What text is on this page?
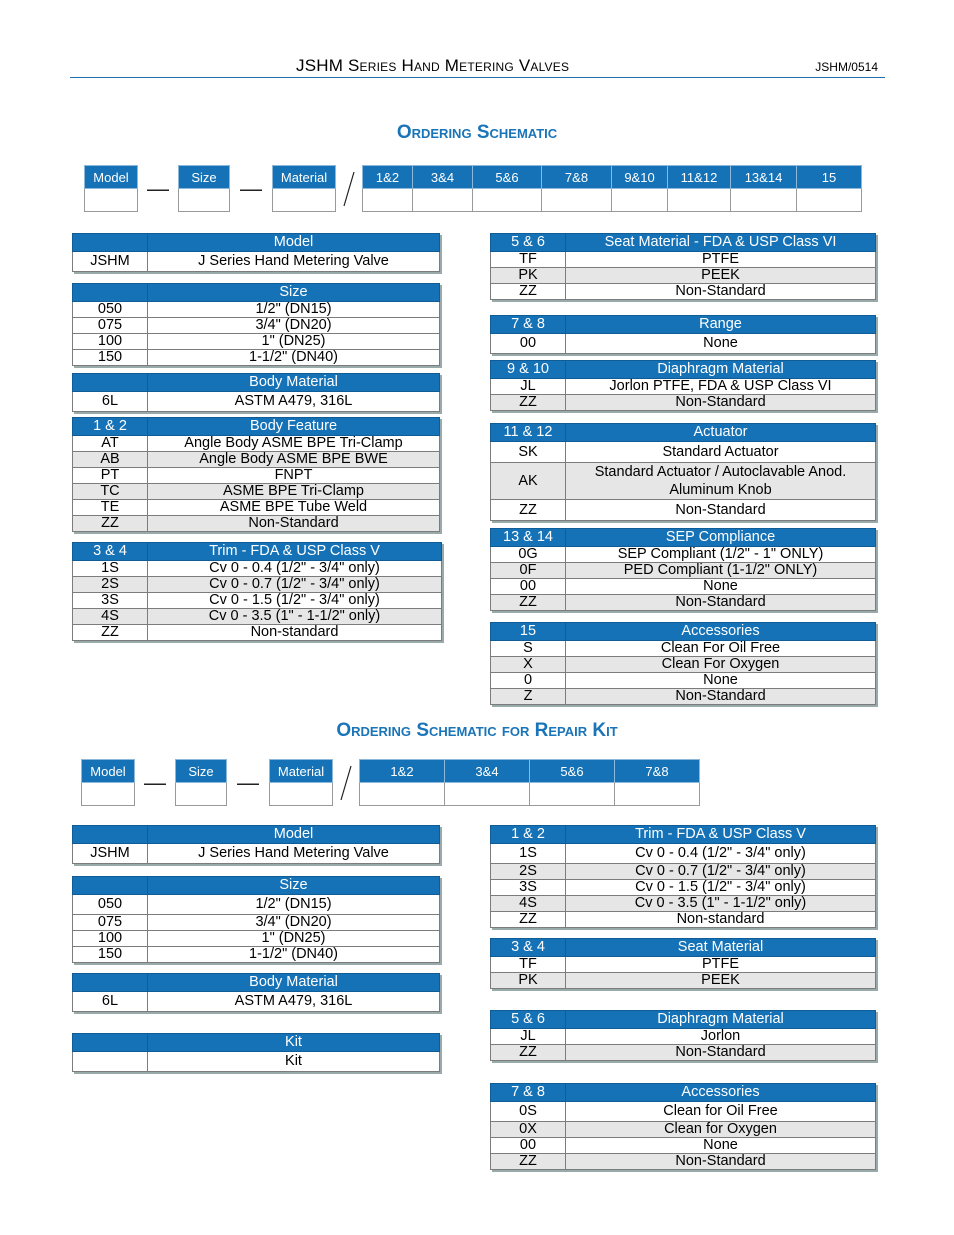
JSHM Series Hand Metering Valves	JSHM/0514
Ordering Schematic
Model	—	Size	—	Material		1&2	3&4	5&6	7&8	9&10	11&12	13&14	15

	Model
JSHM	J Series Hand Metering Valve
	Size
050	1/2" (DN15)
075	3/4" (DN20)
100	1" (DN25)
150	1-1/2" (DN40)
	Body Material
6L	ASTM A479, 316L
1 & 2	Body Feature
AT	Angle Body ASME BPE Tri-Clamp
AB	Angle Body ASME BPE BWE
PT	FNPT
TC	ASME BPE Tri-Clamp
TE	ASME BPE Tube Weld
ZZ	Non-Standard
3 & 4	Trim - FDA & USP Class V
1S	Cv 0 - 0.4 (1/2" - 3/4" only)
2S	Cv 0 - 0.7 (1/2" - 3/4" only)
3S	Cv 0 - 1.5 (1/2" - 3/4" only)
4S	Cv 0 - 3.5 (1" - 1-1/2" only)
ZZ	Non-standard
5 & 6	Seat Material - FDA & USP Class VI
TF	PTFE
PK	PEEK
ZZ	Non-Standard
7 & 8	Range
00	None
9 & 10	Diaphragm Material
JL	Jorlon PTFE, FDA & USP Class VI
ZZ	Non-Standard
11 & 12	Actuator
SK	Standard Actuator
AK	Standard Actuator / Autoclavable Anod. Aluminum Knob
ZZ	Non-Standard
13 & 14	SEP Compliance
0G	SEP Compliant (1/2" - 1" ONLY)
0F	PED Compliant (1-1/2" ONLY)
00	None
ZZ	Non-Standard
15	Accessories
S	Clean For Oil Free
X	Clean For Oxygen
0	None
Z	Non-Standard
Ordering Schematic for Repair Kit
Model	—	Size	—	Material		1&2	3&4	5&6	7&8

	Model
JSHM	J Series Hand Metering Valve
	Size
050	1/2" (DN15)
075	3/4" (DN20)
100	1" (DN25)
150	1-1/2" (DN40)
	Body Material
6L	ASTM A479, 316L
	Kit
	Kit
1 & 2	Trim - FDA & USP Class V
1S	Cv 0 - 0.4 (1/2" - 3/4" only)
2S	Cv 0 - 0.7 (1/2" - 3/4" only)
3S	Cv 0 - 1.5 (1/2" - 3/4" only)
4S	Cv 0 - 3.5 (1" - 1-1/2" only)
ZZ	Non-standard
3 & 4	Seat Material
TF	PTFE
PK	PEEK
5 & 6	Diaphragm Material
JL	Jorlon
ZZ	Non-Standard
7 & 8	Accessories
0S	Clean for Oil Free
0X	Clean for Oxygen
00	None
ZZ	Non-Standard
